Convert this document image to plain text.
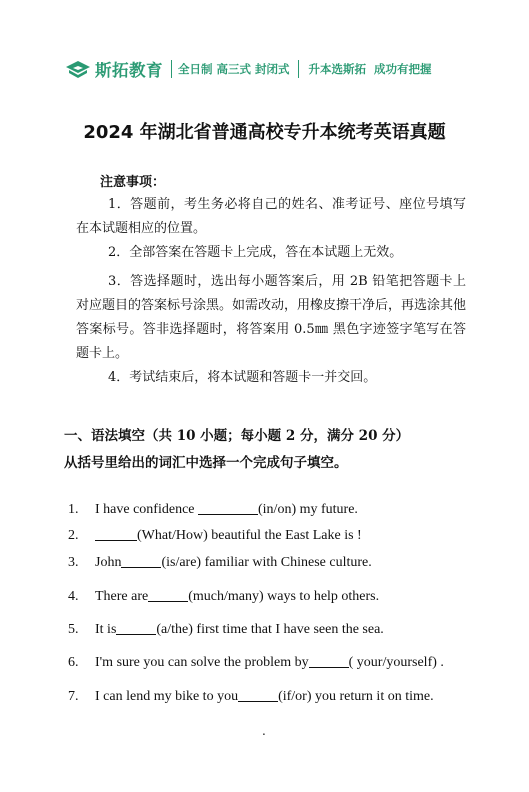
斯拓教育 全日制 高三式 封闭式 升本选斯拓 成功有把握
2024 年湖北省普通高校专升本统考英语真题
注意事项：
1．答题前，考生务必将自己的姓名、准考证号、座位号填写在本试题相应的位置。
2．全部答案在答题卡上完成，答在本试题上无效。
3．答选择题时，选出每小题答案后，用 2B 铅笔把答题卡上对应题目的答案标号涂黑。如需改动，用橡皮擦干净后，再选涂其他答案标号。答非选择题时，将答案用 0.5㎜ 黑色字迹签字笔写在答题卡上。
4．考试结束后，将本试题和答题卡一并交回。
一、语法填空（共 10 小题；每小题 2 分，满分 20 分）
从括号里给出的词汇中选择一个完成句子填空。
1.	I have confidence	(in/on) my future.
2.	(What/How) beautiful the East Lake is !
3.	John	(is/are) familiar with Chinese culture.
4.	There are	(much/many) ways to help others.
5.	It is	(a/the) first time that I have seen the sea.
6.	I'm sure you can solve the problem by	( your/yourself) .
7.	I can lend my bike to you	(if/or) you return it on time.
.
